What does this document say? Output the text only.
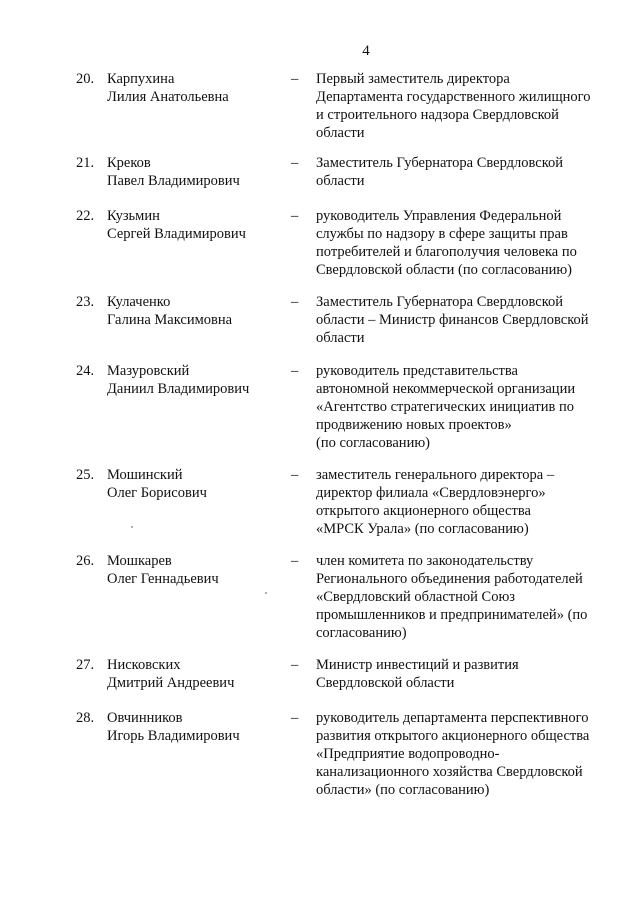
4
20. Карпухина
Лилия Анатольевна
– Первый заместитель директора
Департамента государственного жилищного
и строительного надзора Свердловской
области
21. Креков
Павел Владимирович
– Заместитель Губернатора Свердловской
области
22. Кузьмин
Сергей Владимирович
– руководитель Управления Федеральной
службы по надзору в сфере защиты прав
потребителей и благополучия человека по
Свердловской области (по согласованию)
23. Кулаченко
Галина Максимовна
– Заместитель Губернатора Свердловской
области – Министр финансов Свердловской
области
24. Мазуровский
Даниил Владимирович
– руководитель представительства
автономной некоммерческой организации
«Агентство стратегических инициатив по
продвижению новых проектов»
(по согласованию)
25. Мошинский
Олег Борисович
– заместитель генерального директора –
директор филиала «Свердловэнерго»
открытого акционерного общества
«МРСК Урала» (по согласованию)
26. Мошкарев
Олег Геннадьевич
– член комитета по законодательству
Регионального объединения работодателей
«Свердловский областной Союз
промышленников и предпринимателей» (по
согласованию)
27. Нисковских
Дмитрий Андреевич
– Министр инвестиций и развития
Свердловской области
28. Овчинников
Игорь Владимирович
– руководитель департамента перспективного
развития открытого акционерного общества
«Предприятие водопроводно-
канализационного хозяйства Свердловской
области» (по согласованию)
